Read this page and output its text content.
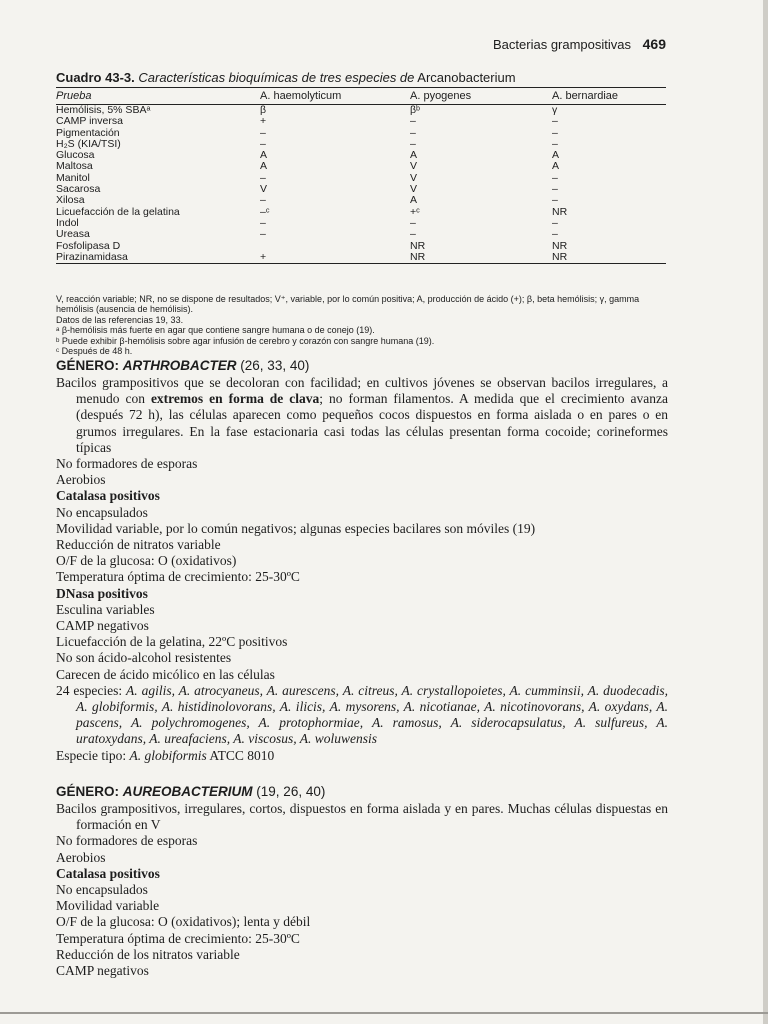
Bacterias grampositivas 469
Cuadro 43-3. Características bioquímicas de tres especies de Arcanobacterium
Prueba	A. haemolyticum	A. pyogenes	A. bernardiae
Hemólisis, 5% SBAᵃ	β	βᵇ	γ
CAMP inversa	+	–	–
Pigmentación	–	–	–
H₂S (KIA/TSI)	–	–	–
Glucosa	A	A	A
Maltosa	A	V	A
Manitol	–	V	–
Sacarosa	V	V	–
Xilosa	–	A	–
Licuefacción de la gelatina	–ᶜ	+ᶜ	NR
Indol	–	–	–
Ureasa	–	–	–
Fosfolipasa D		NR	NR
Pirazinamidasa	+	NR	NR

V, reacción variable; NR, no se dispone de resultados; V⁺, variable, por lo común positiva; A, producción de ácido (+); β, beta hemólisis; γ, gamma hemólisis (ausencia de hemólisis).

Datos de las referencias 19, 33.

ᵃ β-hemólisis más fuerte en agar que contiene sangre humana o de conejo (19).

ᵇ Puede exhibir β-hemólisis sobre agar infusión de cerebro y corazón con sangre humana (19).

ᶜ Después de 48 h.

GÉNERO: ARTHROBACTER (26, 33, 40)

Bacilos grampositivos que se decoloran con facilidad; en cultivos jóvenes se observan bacilos irregulares, a menudo con extremos en forma de clava; no forman filamentos. A medida que el crecimiento avanza (después 72 h), las células aparecen como pequeños cocos dispuestos en forma aislada o en pares o en grumos irregulares. En la fase estacionaria casi todas las células presentan forma cocoide; corineformes típicas

No formadores de esporas

Aerobios

Catalasa positivos

No encapsulados

Movilidad variable, por lo común negativos; algunas especies bacilares son móviles (19)

Reducción de nitratos variable

O/F de la glucosa: O (oxidativos)

Temperatura óptima de crecimiento: 25-30ºC

DNasa positivos

Esculina variables

CAMP negativos

Licuefacción de la gelatina, 22ºC positivos

No son ácido-alcohol resistentes

Carecen de ácido micólico en las células

24 especies: A. agilis, A. atrocyaneus, A. aurescens, A. citreus, A. crystallopoietes, A. cumminsii, A. duodecadis, A. globiformis, A. histidinolovorans, A. ilicis, A. mysorens, A. nicotianae, A. nicotinovorans, A. oxydans, A. pascens, A. polychromogenes, A. protophormiae, A. ramosus, A. siderocapsulatus, A. sulfureus, A. uratoxydans, A. ureafaciens, A. viscosus, A. woluwensis

Especie tipo: A. globiformis ATCC 8010

GÉNERO: AUREOBACTERIUM (19, 26, 40)

Bacilos grampositivos, irregulares, cortos, dispuestos en forma aislada y en pares. Muchas células dispuestas en formación en V

No formadores de esporas

Aerobios

Catalasa positivos

No encapsulados

Movilidad variable

O/F de la glucosa: O (oxidativos); lenta y débil

Temperatura óptima de crecimiento: 25-30ºC

Reducción de los nitratos variable

CAMP negativos
